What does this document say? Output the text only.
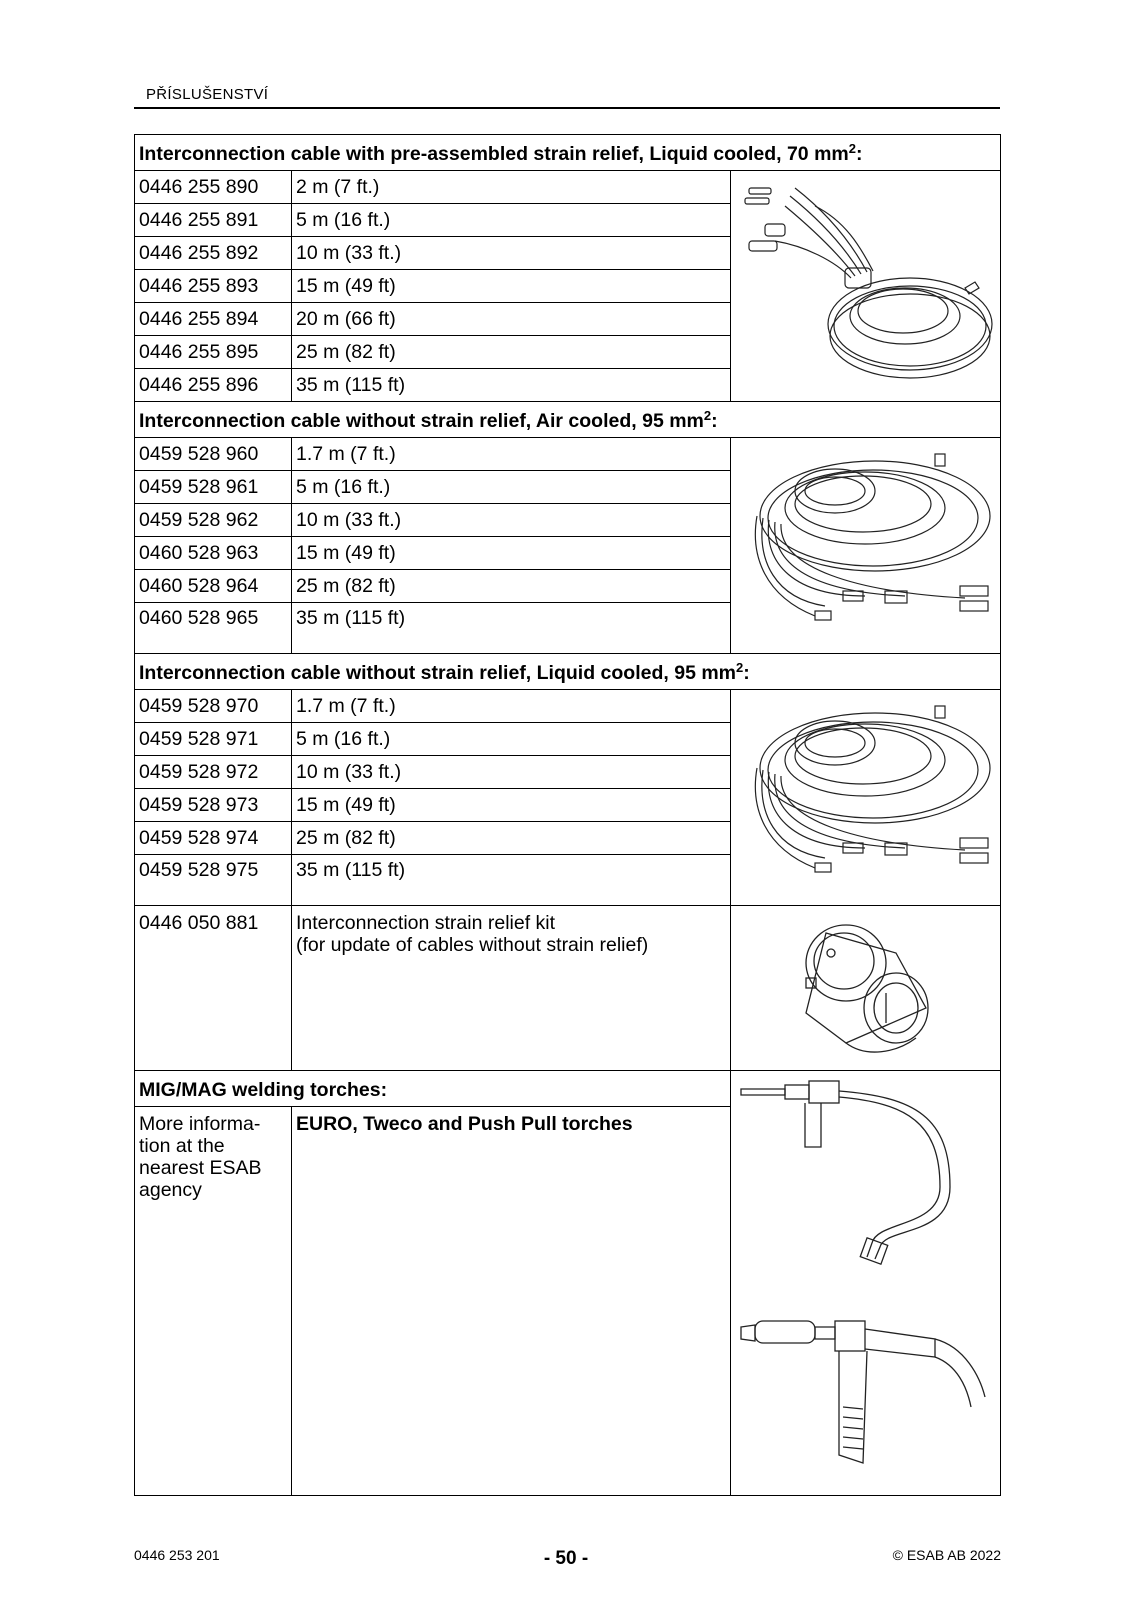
PŘÍSLUŠENSTVÍ
Interconnection cable with pre-assembled strain relief, Liquid cooled, 70 $mm^2$:		
0446 255 890	2 m (7 ft.)	

0446 255 891	5 m (16 ft.)	
0446 255 892	10 m (33 ft.)	
0446 255 893	15 m (49 ft)	
0446 255 894	20 m (66 ft)	
0446 255 895	25 m (82 ft)	
0446 255 896	35 m (115 ft)	
Interconnection cable without strain relief, Air cooled, 95 $mm^2$:		
0459 528 960	1.7 m (7 ft.)	

0459 528 961	5 m (16 ft.)	
0459 528 962	10 m (33 ft.)	
0460 528 963	15 m (49 ft)	
0460 528 964	25 m (82 ft)	
0460 528 965	35 m (115 ft)	
Interconnection cable without strain relief, Liquid cooled, 95 $mm^2$:		
0459 528 970	1.7 m (7 ft.)	

0459 528 971	5 m (16 ft.)	
0459 528 972	10 m (33 ft.)	
0459 528 973	15 m (49 ft)	
0459 528 974	25 m (82 ft)	
0459 528 975	35 m (115 ft)	
0446 050 881	Interconnection strain relief kit
(for update of cables without strain relief)

MIG/MAG welding torches:	

More informa-
tion at the
nearest ESAB
agency	EURO, Tweco and Push Pull torches	
0446 253 201	- 50 -	© ESAB AB 2022
